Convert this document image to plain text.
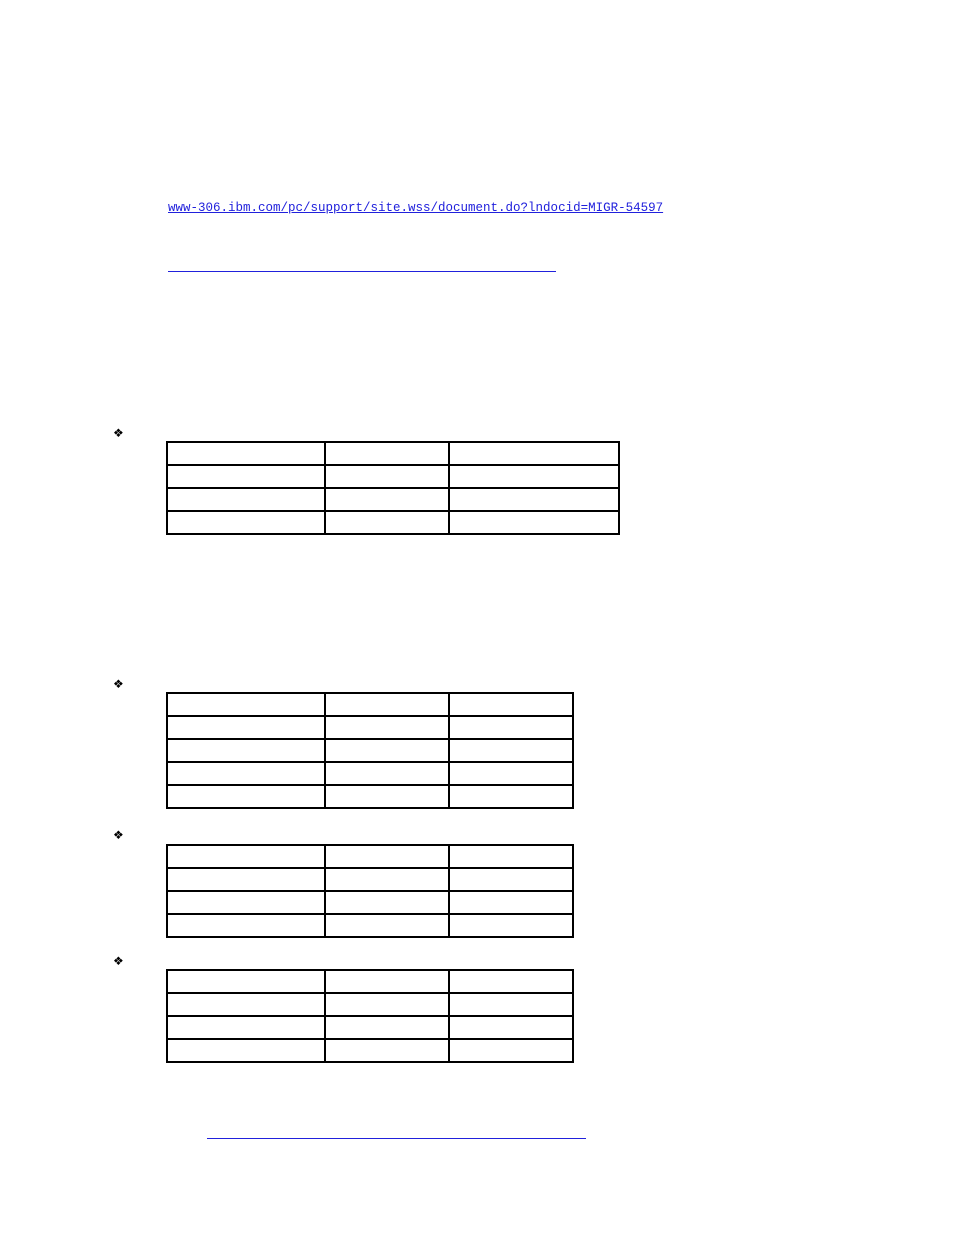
www-306.ibm.com/pc/support/site.wss/document.do?lndocid=MIGR-54597
❖

❖

❖

❖
